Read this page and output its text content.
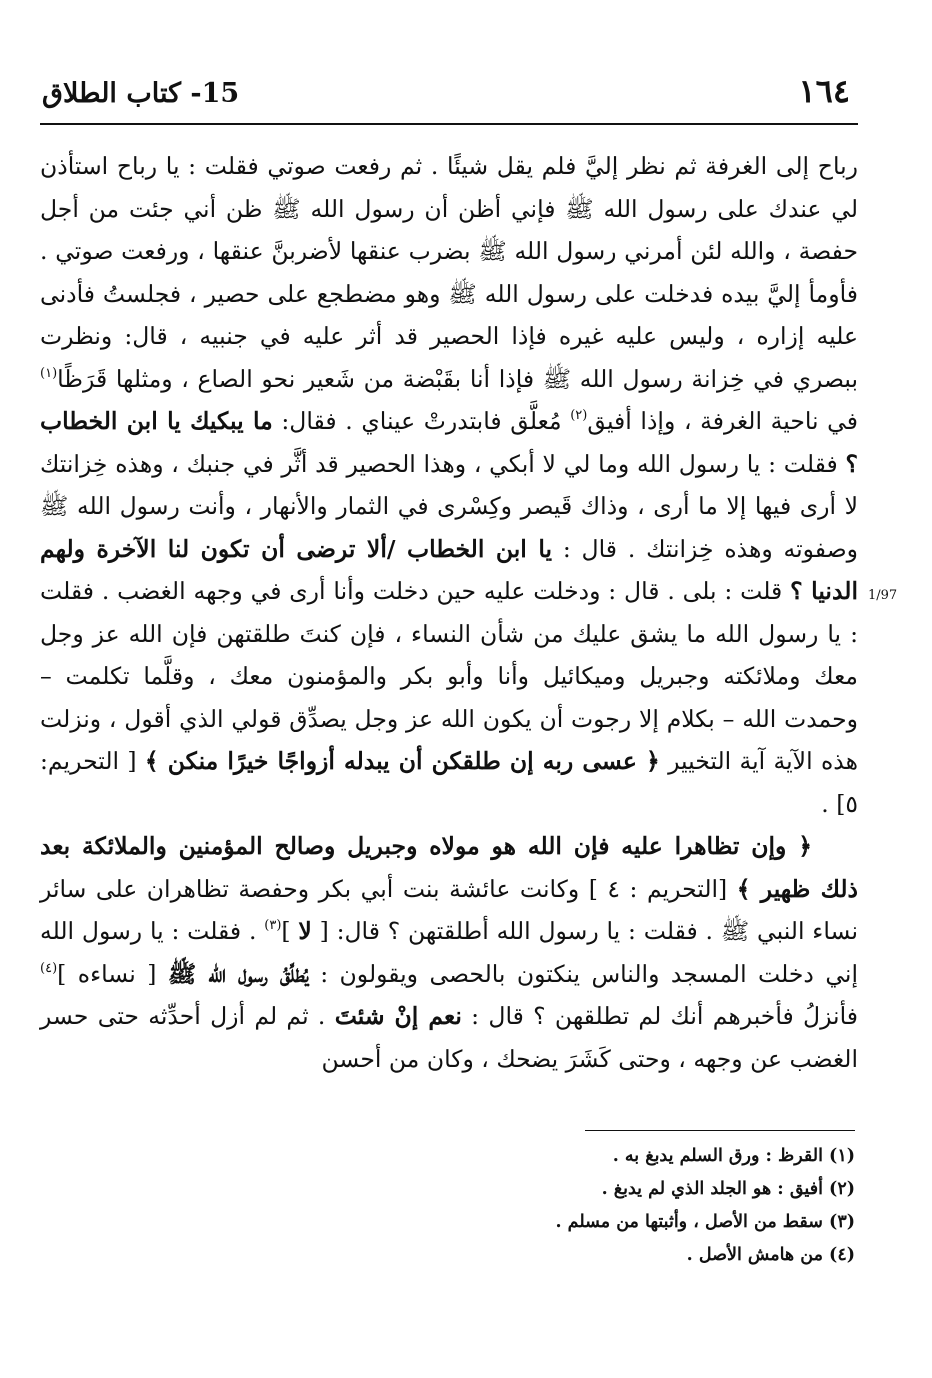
١٦٤
15- كتاب الطلاق
1/97

رباح إلى الغرفة ثم نظر إليَّ فلم يقل شيئًا . ثم رفعت صوتي فقلت : يا رباح استأذن لي عندك على رسول الله ﷺ فإني أظن أن رسول الله ﷺ ظن أني جئت من أجل حفصة ، والله لئن أمرني رسول الله ﷺ بضرب عنقها لأضربنَّ عنقها ، ورفعت صوتي . فأومأ إليَّ بيده فدخلت على رسول الله ﷺ وهو مضطجع على حصير ، فجلستُ فأدنى عليه إزاره ، وليس عليه غيره فإذا الحصير قد أثر عليه في جنبيه ، قال: ونظرت ببصري في خِزانة رسول الله ﷺ فإذا أنا بقَبْضة من شَعير نحو الصاع ، ومثلها قَرَظًا$^{(١)}$ في ناحية الغرفة ، وإذا أفيق$^{(٢)}$ مُعلَّق فابتدرتْ عيناي . فقال: ما يبكيك يا ابن الخطاب ؟ فقلت : يا رسول الله وما لي لا أبكي ، وهذا الحصير قد أثَّر في جنبك ، وهذه خِزانتك لا أرى فيها إلا ما أرى ، وذاك قَيصر وكِسْرى في الثمار والأنهار ، وأنت رسول الله ﷺ وصفوته وهذه خِزانتك . قال : يا ابن الخطاب /ألا ترضى أن تكون لنا الآخرة ولهم الدنيا ؟ قلت : بلى . قال : ودخلت عليه حين دخلت وأنا أرى في وجهه الغضب . فقلت : يا رسول الله ما يشق عليك من شأن النساء ، فإن كنتَ طلقتهن فإن الله عز وجل معك وملائكته وجبريل وميكائيل وأنا وأبو بكر والمؤمنون معك ، وقلَّما تكلمت – وحمدت الله – بكلام إلا رجوت أن يكون الله عز وجل يصدِّق قولي الذي أقول ، ونزلت هذه الآية آية التخيير ﴿ عسى ربه إن طلقكن أن يبدله أزواجًا خيرًا منكن ﴾ [ التحريم: ٥] .

﴿ وإن تظاهرا عليه فإن الله هو مولاه وجبريل وصالح المؤمنين والملائكة بعد ذلك ظهير ﴾ [التحريم : ٤ ] وكانت عائشة بنت أبي بكر وحفصة تظاهران على سائر نساء النبي ﷺ . فقلت : يا رسول الله أطلقتهن ؟ قال: [ لا ]$^{(٣)}$ . فقلت : يا رسول الله إني دخلت المسجد والناس ينكتون بالحصى ويقولون : يُطلِّقُ رسول الله ﷺ [ نساءه ]$^{(٤)}$ فأنزلُ فأخبرهم أنك لم تطلقهن ؟ قال : نعم إنْ شئتَ . ثم لم أزل أحدِّثه حتى حسر الغضب عن وجهه ، وحتى كَشَرَ يضحك ، وكان من أحسن

(١) القرظ : ورق السلم يدبغ به .
(٢) أفيق : هو الجلد الذي لم يدبغ .
(٣) سقط من الأصل ، وأثبتها من مسلم .
(٤) من هامش الأصل .
